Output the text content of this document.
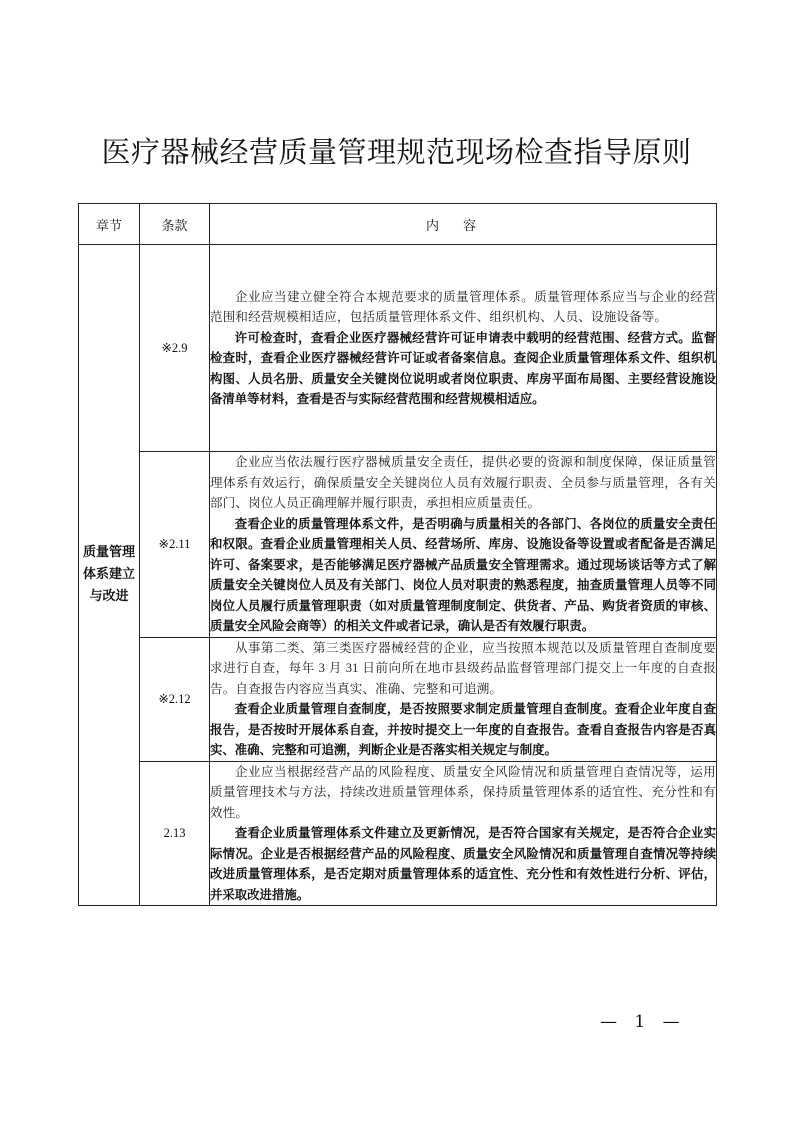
医疗器械经营质量管理规范现场检查指导原则
章节	条款	内容
质量管理体系建立与改进	※2.9	企业应当建立健全符合本规范要求的质量管理体系。质量管理体系应当与企业的经营范围和经营规模相适应，包括质量管理体系文件、组织机构、人员、设施设备等。

许可检查时，查看企业医疗器械经营许可证申请表中载明的经营范围、经营方式。监督检查时，查看企业医疗器械经营许可证或者备案信息。查阅企业质量管理体系文件、组织机构图、人员名册、质量安全关键岗位说明或者岗位职责、库房平面布局图、主要经营设施设备清单等材料，查看是否与实际经营范围和经营规模相适应。

	※2.11	企业应当依法履行医疗器械质量安全责任，提供必要的资源和制度保障，保证质量管理体系有效运行，确保质量安全关键岗位人员有效履行职责、全员参与质量管理，各有关部门、岗位人员正确理解并履行职责，承担相应质量责任。

查看企业的质量管理体系文件，是否明确与质量相关的各部门、各岗位的质量安全责任和权限。查看企业质量管理相关人员、经营场所、库房、设施设备等设置或者配备是否满足许可、备案要求，是否能够满足医疗器械产品质量安全管理需求。通过现场谈话等方式了解质量安全关键岗位人员及有关部门、岗位人员对职责的熟悉程度，抽查质量管理人员等不同岗位人员履行质量管理职责（如对质量管理制度制定、供货者、产品、购货者资质的审核、质量安全风险会商等）的相关文件或者记录，确认是否有效履行职责。

	※2.12	从事第二类、第三类医疗器械经营的企业，应当按照本规范以及质量管理自查制度要求进行自查，每年 3 月 31 日前向所在地市县级药品监督管理部门提交上一年度的自查报告。自查报告内容应当真实、准确、完整和可追溯。

查看企业质量管理自查制度，是否按照要求制定质量管理自查制度。查看企业年度自查报告，是否按时开展体系自查，并按时提交上一年度的自查报告。查看自查报告内容是否真实、准确、完整和可追溯，判断企业是否落实相关规定与制度。

	2.13	企业应当根据经营产品的风险程度、质量安全风险情况和质量管理自查情况等，运用质量管理技术与方法，持续改进质量管理体系，保持质量管理体系的适宜性、充分性和有效性。

查看企业质量管理体系文件建立及更新情况，是否符合国家有关规定，是否符合企业实际情况。企业是否根据经营产品的风险程度、质量安全风险情况和质量管理自查情况等持续改进质量管理体系，是否定期对质量管理体系的适宜性、充分性和有效性进行分析、评估，并采取改进措施。

— 1 —
